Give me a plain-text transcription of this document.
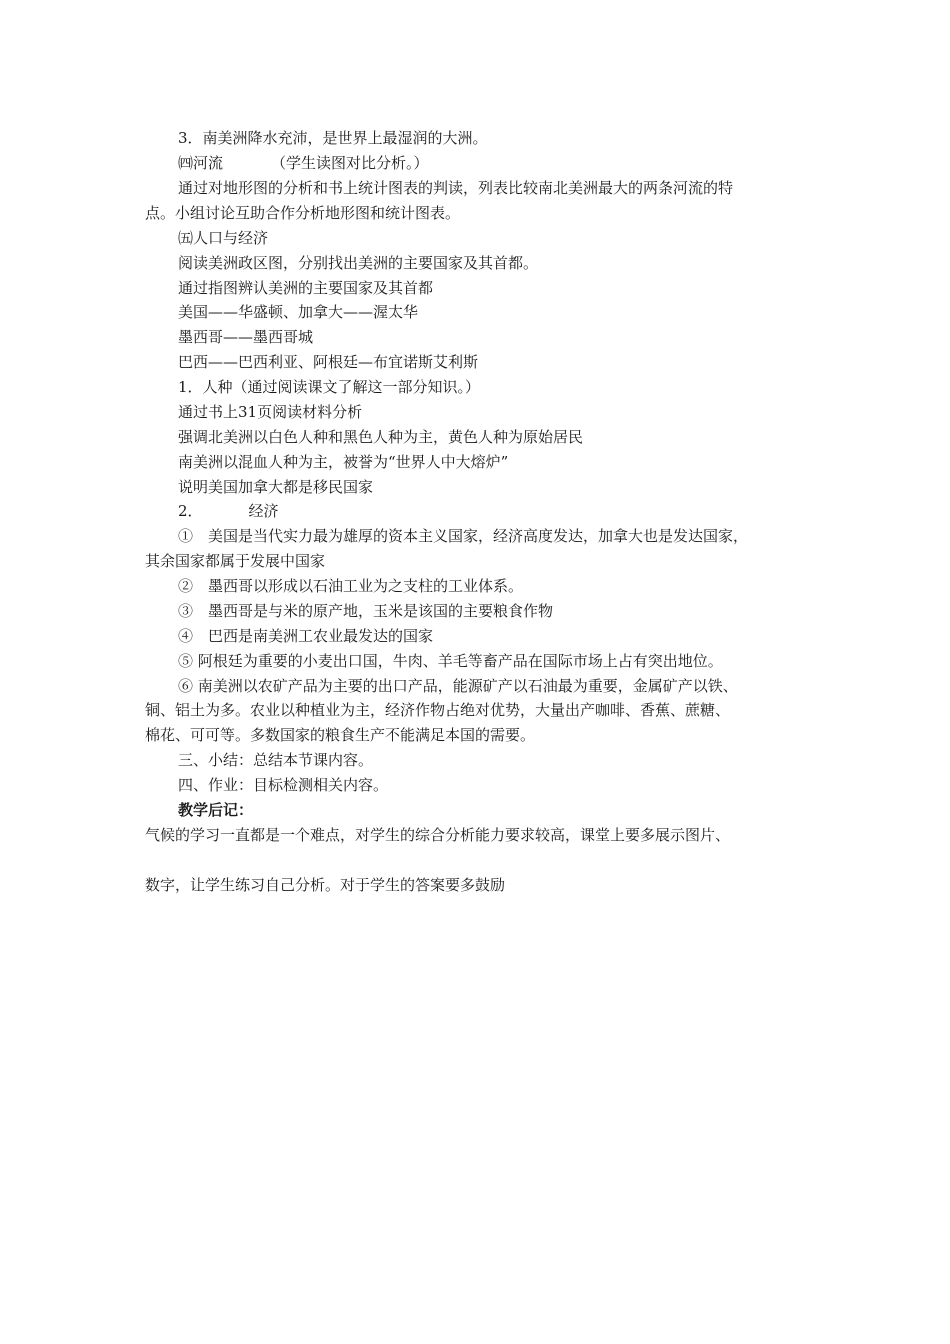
3．南美洲降水充沛，是世界上最湿润的大洲。
㈣河流	（学生读图对比分析。）
通过对地形图的分析和书上统计图表的判读，列表比较南北美洲最大的两条河流的特
点。小组讨论互助合作分析地形图和统计图表。
㈤人口与经济
阅读美洲政区图，分别找出美洲的主要国家及其首都。
通过指图辨认美洲的主要国家及其首都
美国——华盛顿、加拿大——渥太华
墨西哥——墨西哥城
巴西——巴西利亚、阿根廷—布宜诺斯艾利斯
1．人种（通过阅读课文了解这一部分知识。）
通过书上31页阅读材料分析
强调北美洲以白色人种和黑色人种为主，黄色人种为原始居民
南美洲以混血人种为主，被誉为“世界人中大熔炉”
说明美国加拿大都是移民国家
2．	经济
①　美国是当代实力最为雄厚的资本主义国家，经济高度发达，加拿大也是发达国家，
其余国家都属于发展中国家
②　墨西哥以形成以石油工业为之支柱的工业体系。
③　墨西哥是与米的原产地，玉米是该国的主要粮食作物
④　巴西是南美洲工农业最发达的国家
⑤ 阿根廷为重要的小麦出口国，牛肉、羊毛等畜产品在国际市场上占有突出地位。
⑥ 南美洲以农矿产品为主要的出口产品，能源矿产以石油最为重要，金属矿产以铁、
铜、铝土为多。农业以种植业为主，经济作物占绝对优势，大量出产咖啡、香蕉、蔗糖、
棉花、可可等。多数国家的粮食生产不能满足本国的需要。
三、小结：总结本节课内容。
四、作业：目标检测相关内容。
教学后记：
气候的学习一直都是一个难点，对学生的综合分析能力要求较高，课堂上要多展示图片、
数字，让学生练习自己分析。对于学生的答案要多鼓励
